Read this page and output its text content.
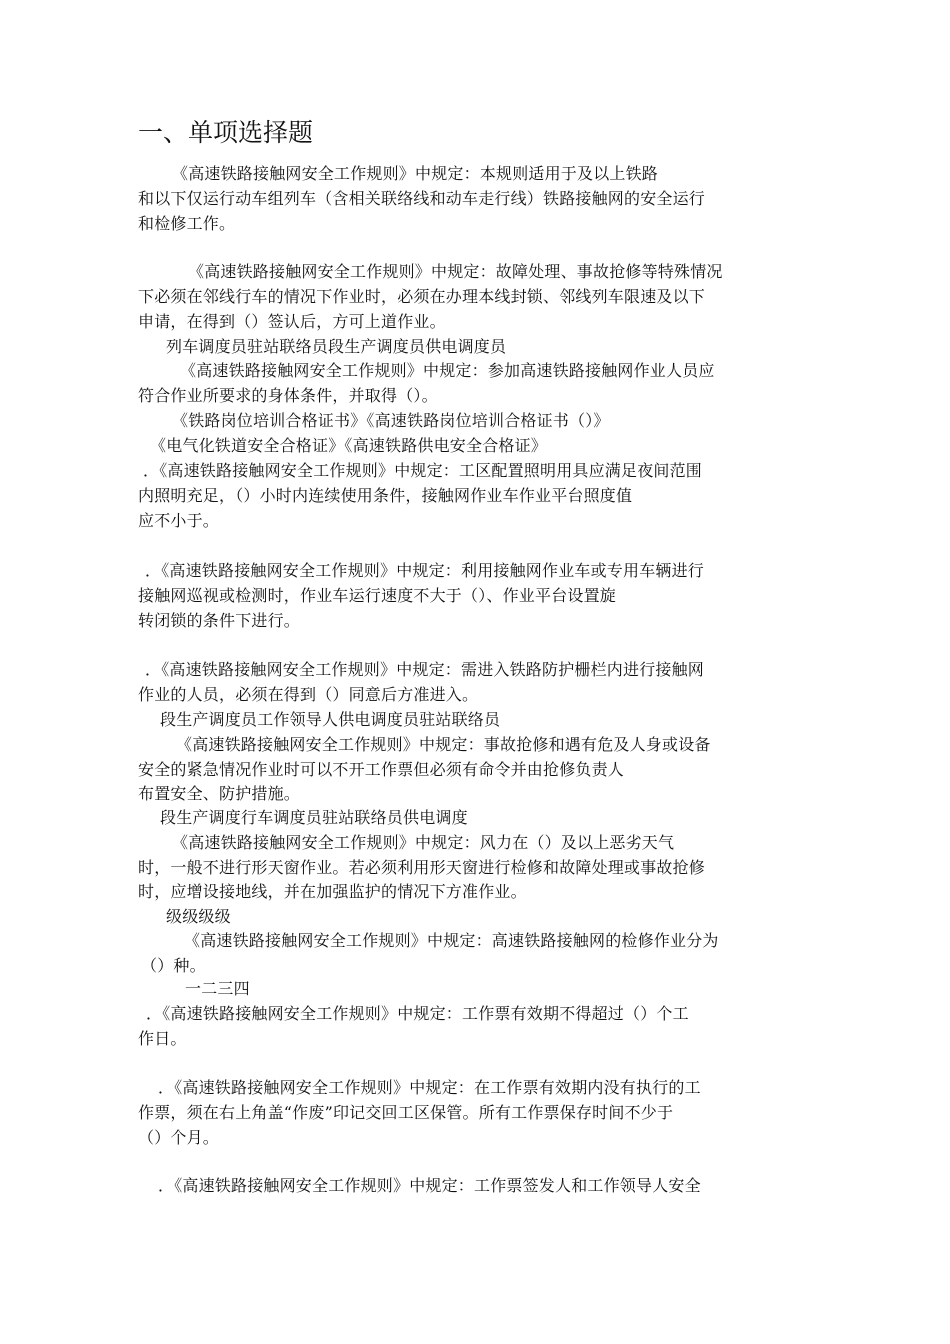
一、单项选择题
《高速铁路接触网安全工作规则》中规定：本规则适用于及以上铁路
和以下仅运行动车组列车（含相关联络线和动车走行线）铁路接触网的安全运行
和检修工作。
《高速铁路接触网安全工作规则》中规定：故障处理、事故抢修等特殊情况
下必须在邻线行车的情况下作业时，必须在办理本线封锁、邻线列车限速及以下
申请，在得到（）签认后，方可上道作业。
列车调度员驻站联络员段生产调度员供电调度员
《高速铁路接触网安全工作规则》中规定：参加高速铁路接触网作业人员应
符合作业所要求的身体条件，并取得（）。
《铁路岗位培训合格证书》《高速铁路岗位培训合格证书（）》
《电气化铁道安全合格证》《高速铁路供电安全合格证》
．《高速铁路接触网安全工作规则》中规定：工区配置照明用具应满足夜间范围
内照明充足，（）小时内连续使用条件，接触网作业车作业平台照度值
应不小于。
．《高速铁路接触网安全工作规则》中规定：利用接触网作业车或专用车辆进行
接触网巡视或检测时，作业车运行速度不大于（）、作业平台设置旋
转闭锁的条件下进行。
．《高速铁路接触网安全工作规则》中规定：需进入铁路防护栅栏内进行接触网
作业的人员，必须在得到（）同意后方准进入。
段生产调度员工作领导人供电调度员驻站联络员
《高速铁路接触网安全工作规则》中规定：事故抢修和遇有危及人身或设备
安全的紧急情况作业时可以不开工作票但必须有命令并由抢修负责人
布置安全、防护措施。
段生产调度行车调度员驻站联络员供电调度
《高速铁路接触网安全工作规则》中规定：风力在（）及以上恶劣天气
时，一般不进行形天窗作业。若必须利用形天窗进行检修和故障处理或事故抢修
时，应增设接地线，并在加强监护的情况下方准作业。
级级级级
《高速铁路接触网安全工作规则》中规定：高速铁路接触网的检修作业分为
（）种。
一二三四
．《高速铁路接触网安全工作规则》中规定：工作票有效期不得超过（）个工
作日。
．《高速铁路接触网安全工作规则》中规定：在工作票有效期内没有执行的工
作票，须在右上角盖“作废”印记交回工区保管。所有工作票保存时间不少于
（）个月。
．《高速铁路接触网安全工作规则》中规定：工作票签发人和工作领导人安全
